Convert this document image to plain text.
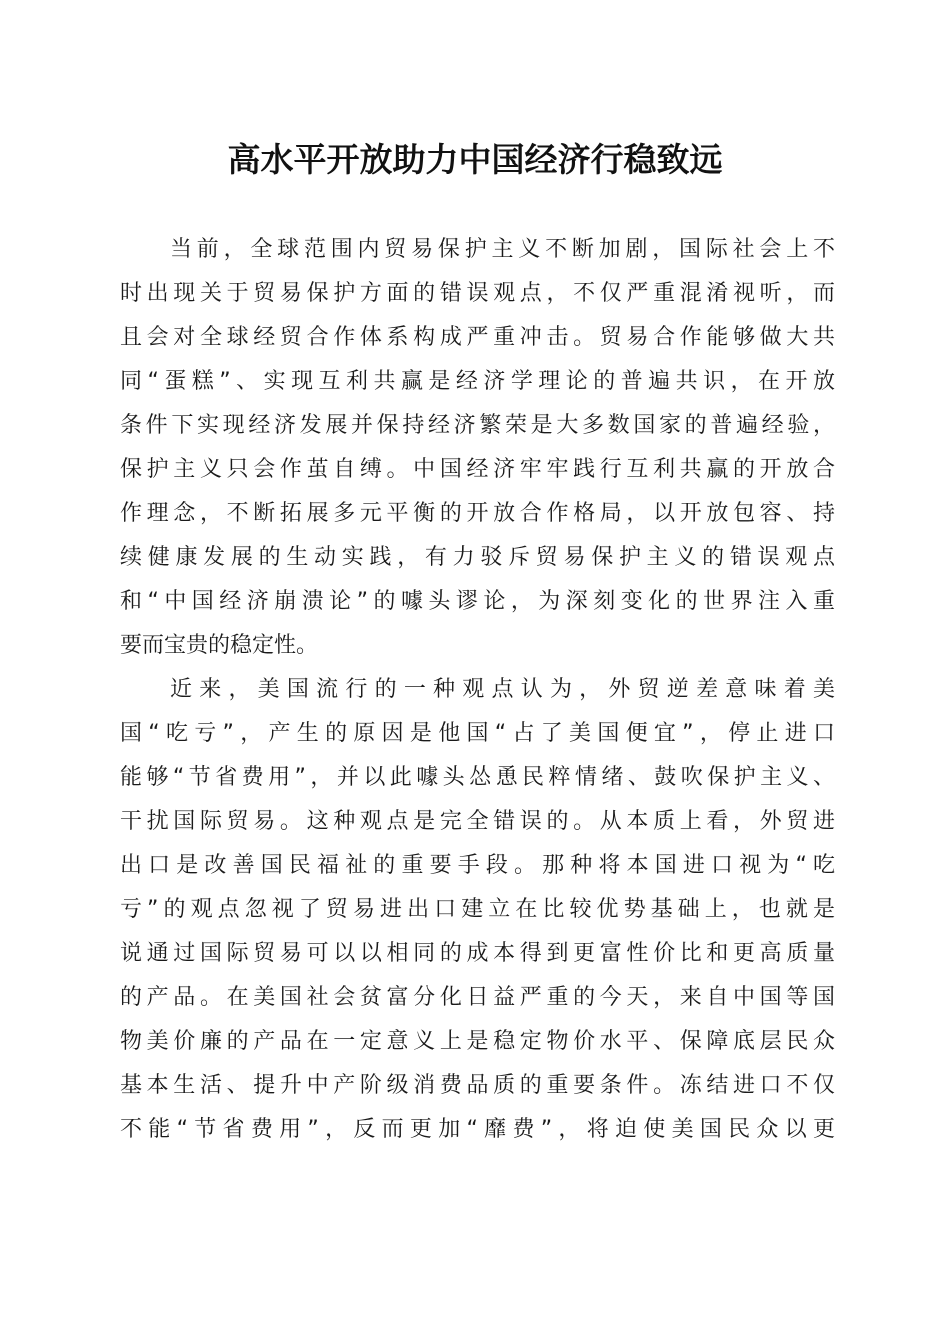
高水平开放助力中国经济行稳致远
当前，全球范围内贸易保护主义不断加剧，国际社会上不
时出现关于贸易保护方面的错误观点，不仅严重混淆视听，而
且会对全球经贸合作体系构成严重冲击。贸易合作能够做大共
同“蛋糕”、实现互利共赢是经济学理论的普遍共识，在开放
条件下实现经济发展并保持经济繁荣是大多数国家的普遍经验，
保护主义只会作茧自缚。中国经济牢牢践行互利共赢的开放合
作理念，不断拓展多元平衡的开放合作格局，以开放包容、持
续健康发展的生动实践，有力驳斥贸易保护主义的错误观点
和“中国经济崩溃论”的噱头谬论，为深刻变化的世界注入重
要而宝贵的稳定性。
近来，美国流行的一种观点认为，外贸逆差意味着美
国“吃亏”，产生的原因是他国“占了美国便宜”，停止进口
能够“节省费用”，并以此噱头怂恿民粹情绪、鼓吹保护主义、
干扰国际贸易。这种观点是完全错误的。从本质上看，外贸进
出口是改善国民福祉的重要手段。那种将本国进口视为“吃
亏”的观点忽视了贸易进出口建立在比较优势基础上，也就是
说通过国际贸易可以以相同的成本得到更富性价比和更高质量
的产品。在美国社会贫富分化日益严重的今天，来自中国等国
物美价廉的产品在一定意义上是稳定物价水平、保障底层民众
基本生活、提升中产阶级消费品质的重要条件。冻结进口不仅
不能“节省费用”，反而更加“靡费”，将迫使美国民众以更
